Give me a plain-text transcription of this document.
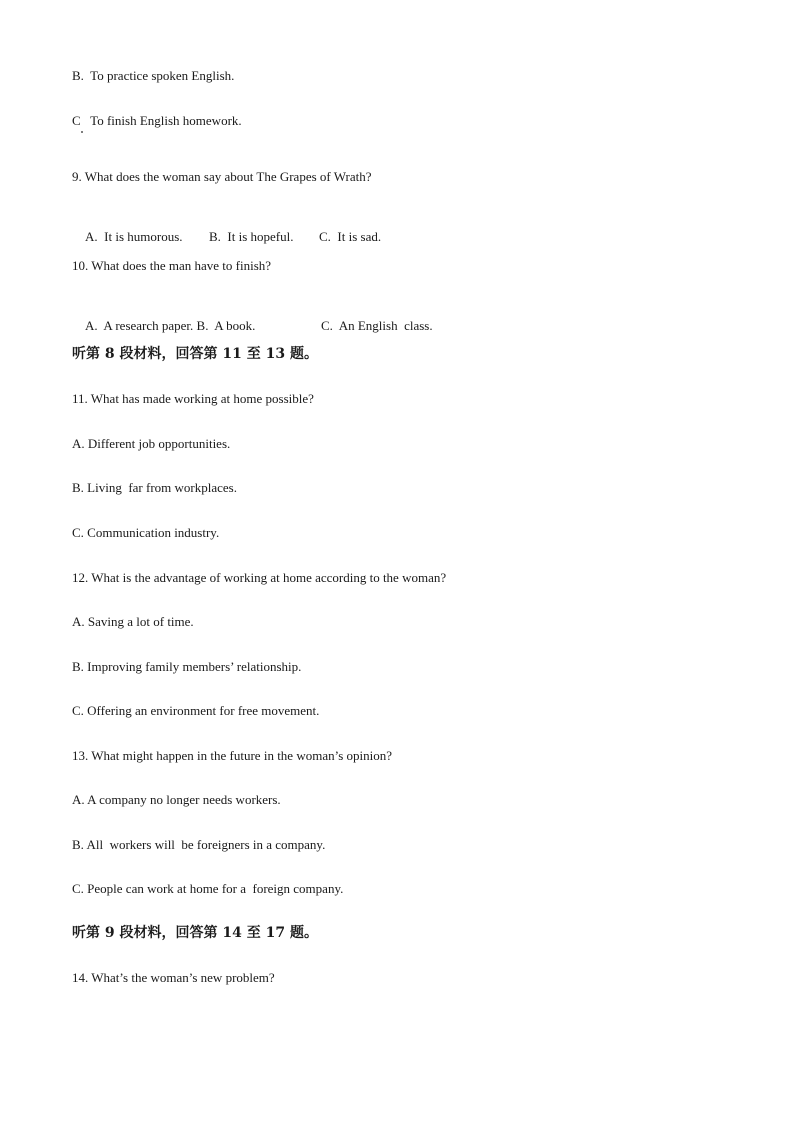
B.  To practice spoken English.
C   To finish English homework.
9. What does the woman say about The Grapes of Wrath?

A.  It is humorous. B.  It is hopeful. C.  It is sad.

10. What does the man have to finish?

A.  A research paper. B.  A book.	C.  An English  class.

听第 8 段材料，回答第 11 至 13 题。
11. What has made working at home possible?
A. Different job opportunities.
B. Living  far from workplaces.
C. Communication industry.
12. What is the advantage of working at home according to the woman?
A. Saving a lot of time.
B. Improving family members’ relationship.
C. Offering an environment for free movement.
13. What might happen in the future in the woman’s opinion?
A. A company no longer needs workers.
B. All  workers will  be foreigners in a company.
C. People can work at home for a  foreign company.
听第 9 段材料，回答第 14 至 17 题。
14. What’s the woman’s new problem?
